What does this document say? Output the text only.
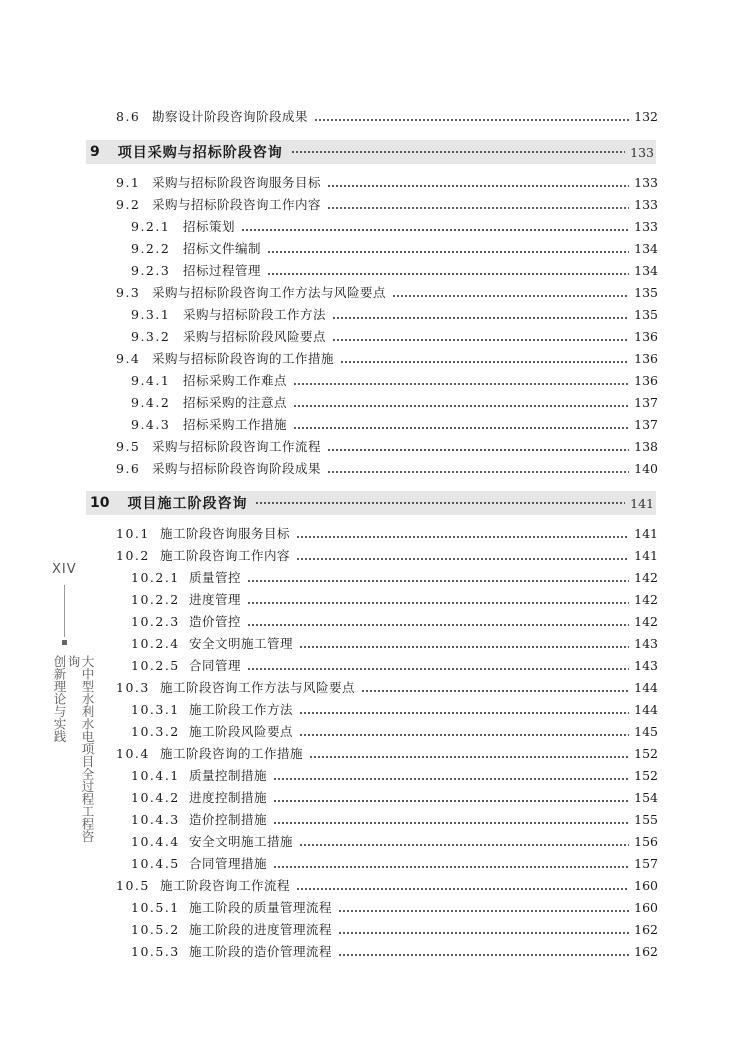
8.6 勘察设计阶段咨询阶段成果	132
9 项目采购与招标阶段咨询	133
9.1 采购与招标阶段咨询服务目标	133
9.2 采购与招标阶段咨询工作内容	133
9.2.1	招标策划	133
9.2.2	招标文件编制	134
9.2.3	招标过程管理	134
9.3 采购与招标阶段咨询工作方法与风险要点	135
9.3.1	采购与招标阶段工作方法	135
9.3.2	采购与招标阶段风险要点	136
9.4 采购与招标阶段咨询的工作措施	136
9.4.1	招标采购工作难点	136
9.4.2	招标采购的注意点	137
9.4.3	招标采购工作措施	137
9.5 采购与招标阶段咨询工作流程	138
9.6 采购与招标阶段咨询阶段成果	140
10 项目施工阶段咨询	141
10.1 施工阶段咨询服务目标	141
10.2 施工阶段咨询工作内容	141
10.2.1 质量管控	142
10.2.2 进度管理	142
10.2.3 造价管控	142
10.2.4 安全文明施工管理	143
10.2.5 合同管理	143
10.3 施工阶段咨询工作方法与风险要点	144
10.3.1 施工阶段工作方法	144
10.3.2 施工阶段风险要点	145
10.4 施工阶段咨询的工作措施	152
10.4.1 质量控制措施	152
10.4.2 进度控制措施	154
10.4.3 造价控制措施	155
10.4.4 安全文明施工措施	156
10.4.5 合同管理措施	157
10.5 施工阶段咨询工作流程	160
10.5.1 施工阶段的质量管理流程	160
10.5.2 施工阶段的进度管理流程	162
10.5.3 施工阶段的造价管理流程	162
XIV
大中型水利水电项目全过程工程咨询
创新理论与实践
